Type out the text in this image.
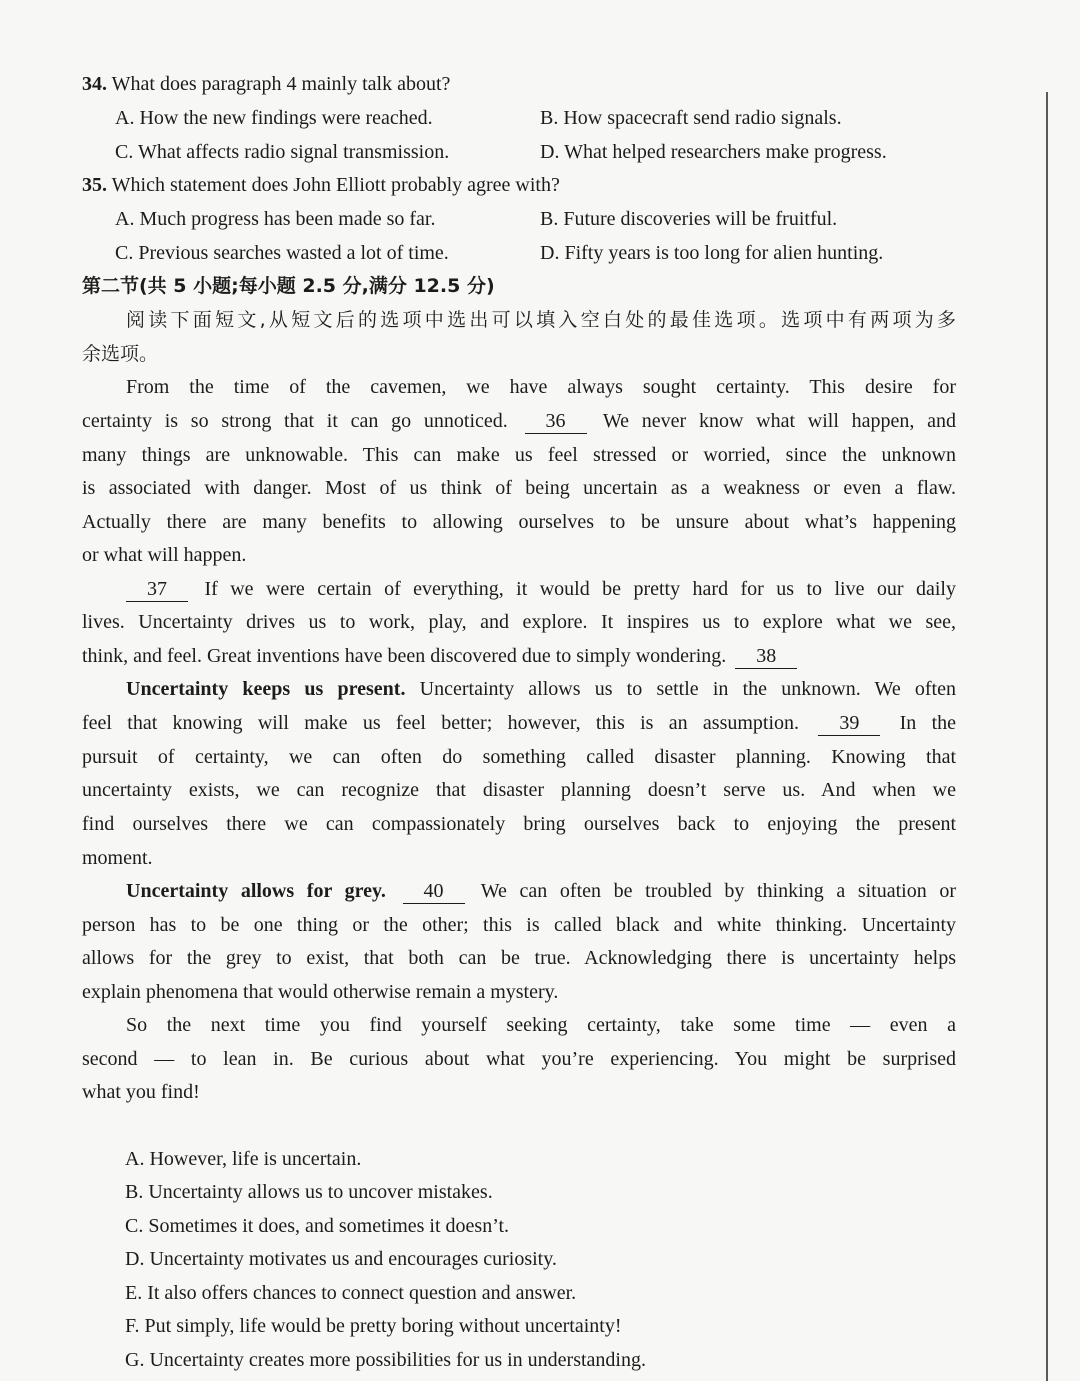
34. What does paragraph 4 mainly talk about?
A. How the new findings were reached.	B. How spacecraft send radio signals.
C. What affects radio signal transmission.	D. What helped researchers make progress.
35. Which statement does John Elliott probably agree with?
A. Much progress has been made so far.	B. Future discoveries will be fruitful.
C. Previous searches wasted a lot of time.	D. Fifty years is too long for alien hunting.
第二节(共 5 小题;每小题 2.5 分,满分 12.5 分)
阅读下面短文,从短文后的选项中选出可以填入空白处的最佳选项。选项中有两项为多
余选项。
From the time of the cavemen, we have always sought certainty. This desire for
certainty is so strong that it can go unnoticed. 36 We never know what will happen, and
many things are unknowable. This can make us feel stressed or worried, since the unknown
is associated with danger. Most of us think of being uncertain as a weakness or even a flaw.
Actually there are many benefits to allowing ourselves to be unsure about what’s happening
or what will happen.
37 If we were certain of everything, it would be pretty hard for us to live our daily
lives. Uncertainty drives us to work, play, and explore. It inspires us to explore what we see,
think, and feel. Great inventions have been discovered due to simply wondering. 38
Uncertainty keeps us present. Uncertainty allows us to settle in the unknown. We often
feel that knowing will make us feel better; however, this is an assumption. 39 In the
pursuit of certainty, we can often do something called disaster planning. Knowing that
uncertainty exists, we can recognize that disaster planning doesn’t serve us. And when we
find ourselves there we can compassionately bring ourselves back to enjoying the present
moment.
Uncertainty allows for grey. 40 We can often be troubled by thinking a situation or
person has to be one thing or the other; this is called black and white thinking. Uncertainty
allows for the grey to exist, that both can be true. Acknowledging there is uncertainty helps
explain phenomena that would otherwise remain a mystery.
So the next time you find yourself seeking certainty, take some time — even a
second — to lean in. Be curious about what you’re experiencing. You might be surprised
what you find!
A. However, life is uncertain.
B. Uncertainty allows us to uncover mistakes.
C. Sometimes it does, and sometimes it doesn’t.
D. Uncertainty motivates us and encourages curiosity.
E. It also offers chances to connect question and answer.
F. Put simply, life would be pretty boring without uncertainty!
G. Uncertainty creates more possibilities for us in understanding.
